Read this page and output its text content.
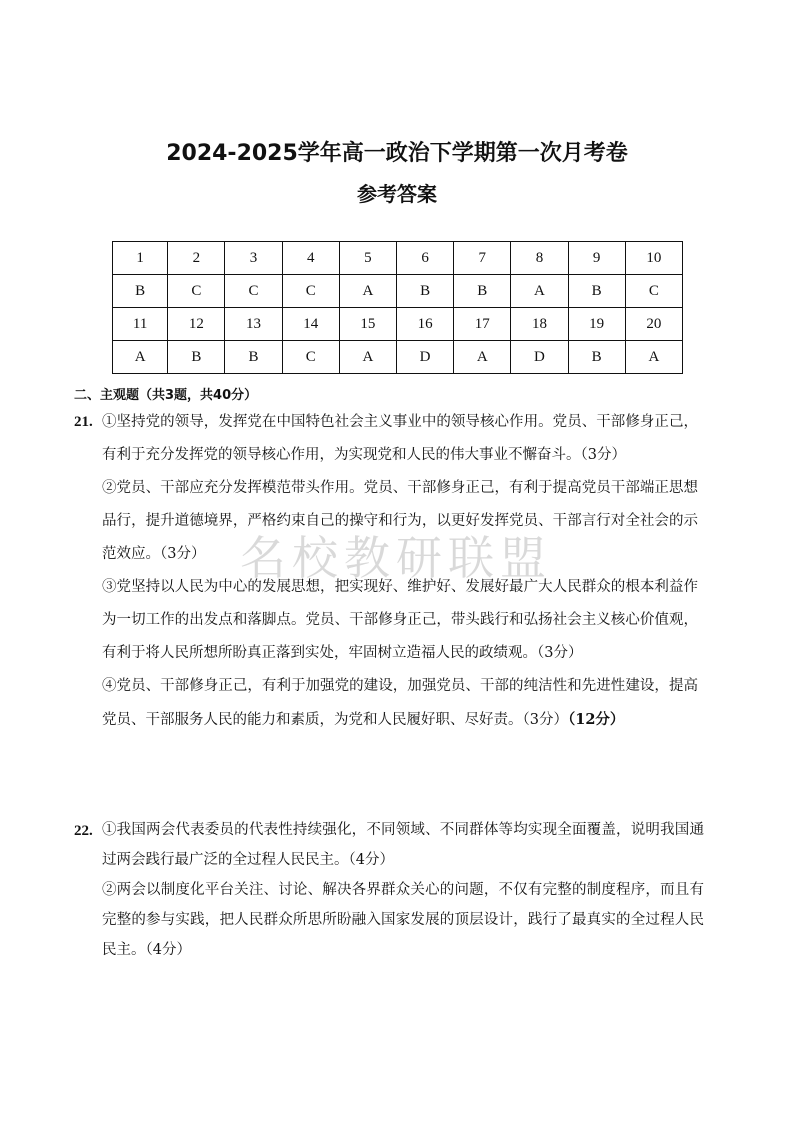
名校教研联盟
2024-2025学年高一政治下学期第一次月考卷
参考答案
1	2	3	4	5	6	7	8	9	10
B	C	C	C	A	B	B	A	B	C
11	12	13	14	15	16	17	18	19	20
A	B	B	C	A	D	A	D	B	A
二、主观题（共3题，共40分）
21. ①坚持党的领导，发挥党在中国特色社会主义事业中的领导核心作用。党员、干部修身正己，有利于充分发挥党的领导核心作用，为实现党和人民的伟大事业不懈奋斗。（3分）

②党员、干部应充分发挥模范带头作用。党员、干部修身正己，有利于提高党员干部端正思想品行，提升道德境界，严格约束自己的操守和行为，以更好发挥党员、干部言行对全社会的示范效应。（3分）

③党坚持以人民为中心的发展思想，把实现好、维护好、发展好最广大人民群众的根本利益作为一切工作的出发点和落脚点。党员、干部修身正己，带头践行和弘扬社会主义核心价值观，有利于将人民所想所盼真正落到实处，牢固树立造福人民的政绩观。（3分）

④党员、干部修身正己，有利于加强党的建设，加强党员、干部的纯洁性和先进性建设，提高党员、干部服务人民的能力和素质，为党和人民履好职、尽好责。（3分）（12分）

22. ①我国两会代表委员的代表性持续强化，不同领域、不同群体等均实现全面覆盖，说明我国通过两会践行最广泛的全过程人民民主。（4分）

②两会以制度化平台关注、讨论、解决各界群众关心的问题，不仅有完整的制度程序，而且有完整的参与实践，把人民群众所思所盼融入国家发展的顶层设计，践行了最真实的全过程人民民主。（4分）
